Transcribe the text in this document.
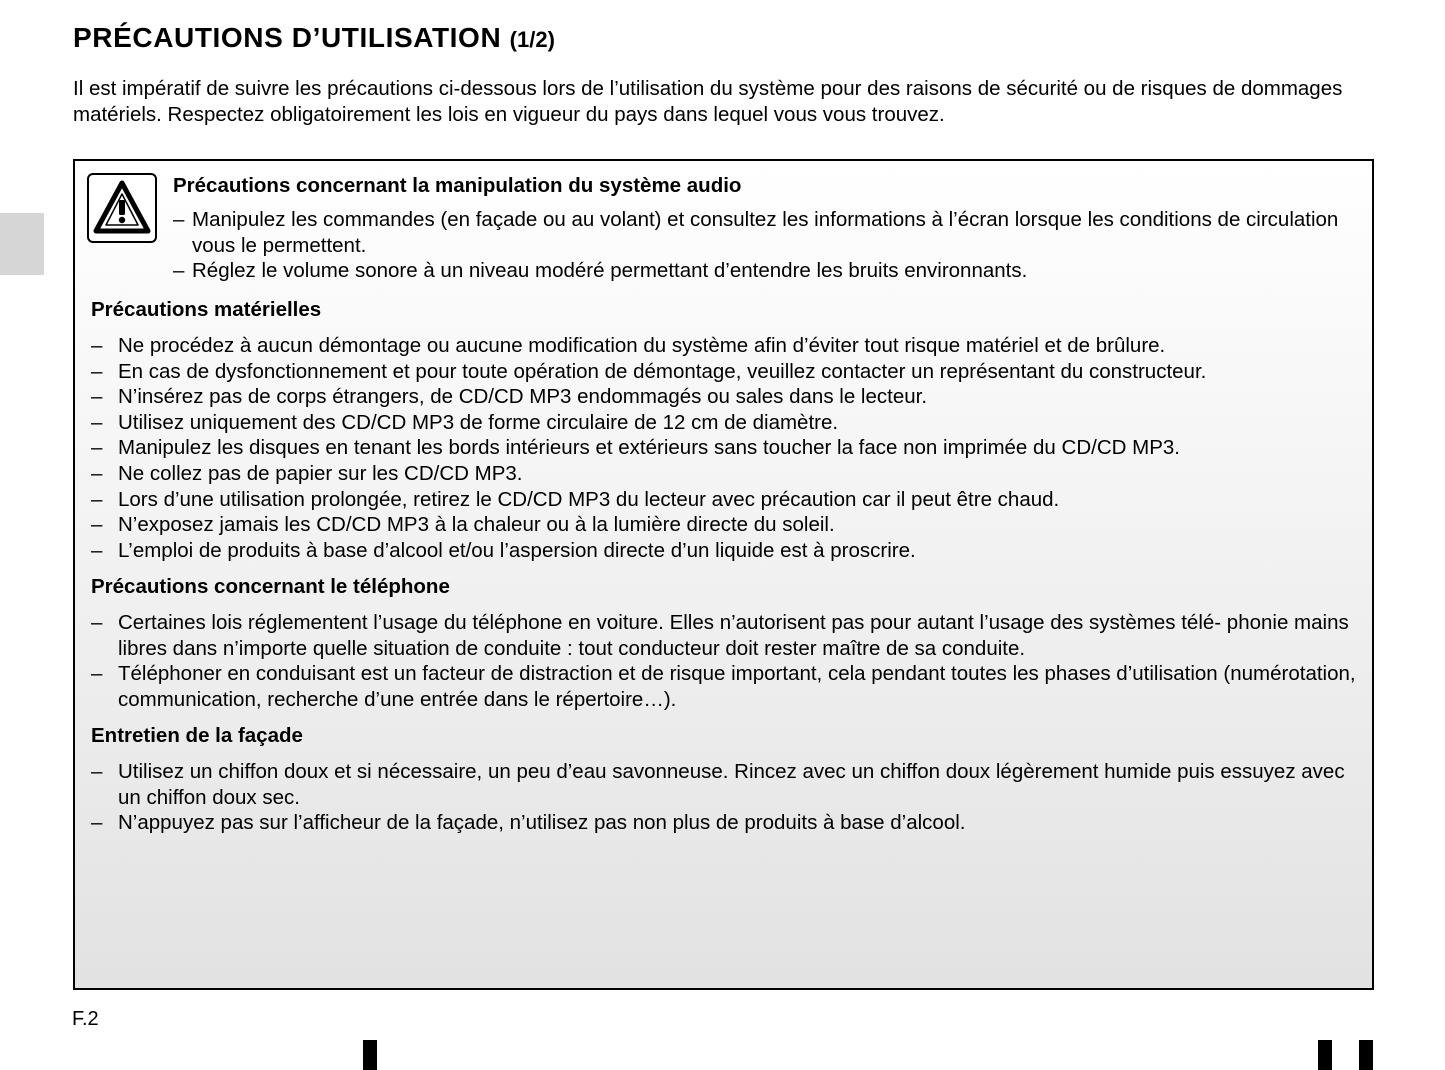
PRÉCAUTIONS D’UTILISATION (1/2)

Il est impératif de suivre les précautions ci-dessous lors de l’utilisation du système pour des raisons de sécurité ou de risques de dommages matériels. Respectez obligatoirement les lois en vigueur du pays dans lequel vous vous trouvez.

Précautions concernant la manipulation du système audio
– Manipulez les commandes (en façade ou au volant) et consultez les informations à l’écran lorsque les conditions de circulation vous le permettent.
– Réglez le volume sonore à un niveau modéré permettant d’entendre les bruits environnants.
Précautions matérielles
– Ne procédez à aucun démontage ou aucune modification du système afin d’éviter tout risque matériel et de brûlure.
– En cas de dysfonctionnement et pour toute opération de démontage, veuillez contacter un représentant du constructeur.
– N’insérez pas de corps étrangers, de CD/CD MP3 endommagés ou sales dans le lecteur.
– Utilisez uniquement des CD/CD MP3 de forme circulaire de 12 cm de diamètre.
– Manipulez les disques en tenant les bords intérieurs et extérieurs sans toucher la face non imprimée du CD/CD MP3.
– Ne collez pas de papier sur les CD/CD MP3.
– Lors d’une utilisation prolongée, retirez le CD/CD MP3 du lecteur avec précaution car il peut être chaud.
– N’exposez jamais les CD/CD MP3 à la chaleur ou à la lumière directe du soleil.
– L’emploi de produits à base d’alcool et/ou l’aspersion directe d’un liquide est à proscrire.
Précautions concernant le téléphone
– Certaines lois réglementent l’usage du téléphone en voiture. Elles n’autorisent pas pour autant l’usage des systèmes télé- phonie mains libres dans n’importe quelle situation de conduite : tout conducteur doit rester maître de sa conduite.
– Téléphoner en conduisant est un facteur de distraction et de risque important, cela pendant toutes les phases d’utilisation (numérotation, communication, recherche d’une entrée dans le répertoire…).
Entretien de la façade
– Utilisez un chiffon doux et si nécessaire, un peu d’eau savonneuse. Rincez avec un chiffon doux légèrement humide puis essuyez avec un chiffon doux sec.
– N’appuyez pas sur l’afficheur de la façade, n’utilisez pas non plus de produits à base d’alcool.
F.2
